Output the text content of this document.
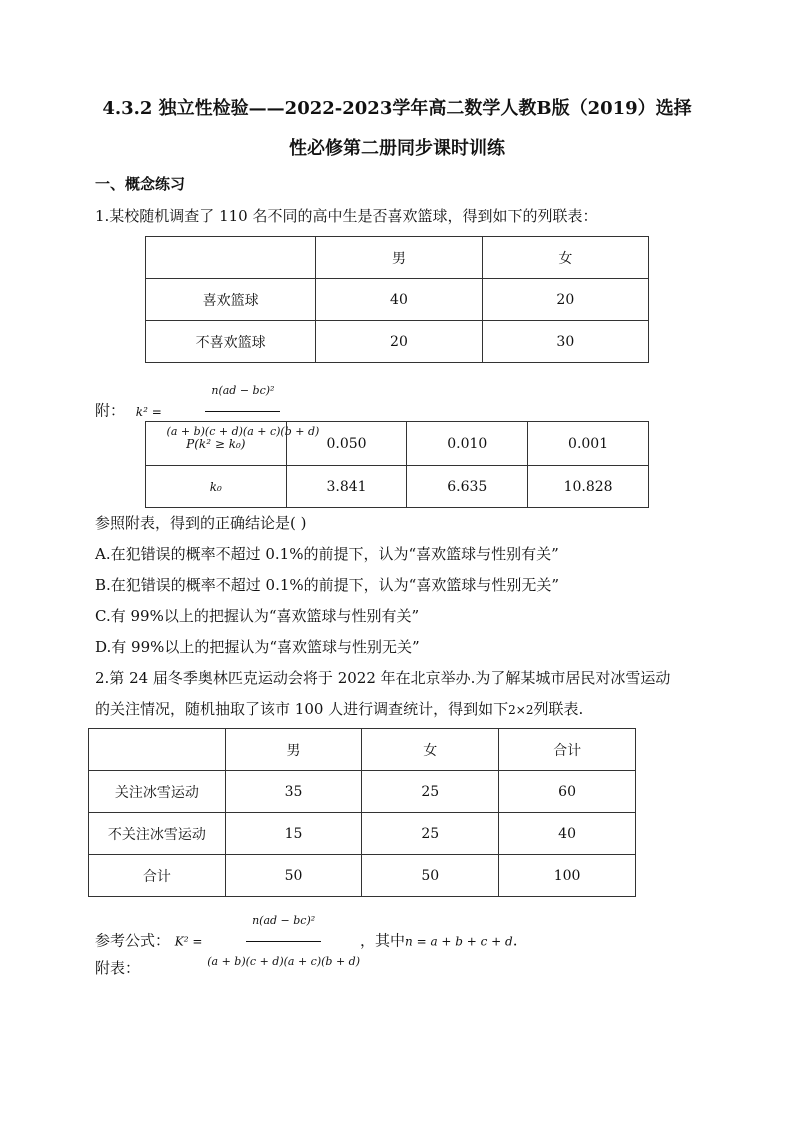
4.3.2 独立性检验——2022-2023学年高二数学人教B版（2019）选择
性必修第二册同步课时训练
一、概念练习
1.某校随机调查了 110 名不同的高中生是否喜欢篮球，得到如下的列联表：
	男	女
喜欢篮球	40	20
不喜欢篮球	20	30
附： $k^2 = \frac{\text{n(ad − bc)²}}{(a + b)(c + d)(a + c)(b + d)}$
P(k² ≥ k₀)	0.050	0.010	0.001
k₀	3.841	6.635	10.828
参照附表，得到的正确结论是( )
A.在犯错误的概率不超过 0.1%的前提下，认为“喜欢篮球与性别有关”
B.在犯错误的概率不超过 0.1%的前提下，认为“喜欢篮球与性别无关”
C.有 99%以上的把握认为“喜欢篮球与性别有关”
D.有 99%以上的把握认为“喜欢篮球与性别无关”
2.第 24 届冬季奥林匹克运动会将于 2022 年在北京举办.为了解某城市居民对冰雪运动
的关注情况，随机抽取了该市 100 人进行调查统计，得到如下2×2列联表.
	男	女	合计
关注冰雪运动	35	25	60
不关注冰雪运动	15	25	40
合计	50	50	100
参考公式： $K^2 = \frac{\text{n(ad − bc)²}}{(a + b)(c + d)(a + c)(b + d)}$ ，其中n = a + b + c + d.
附表：
